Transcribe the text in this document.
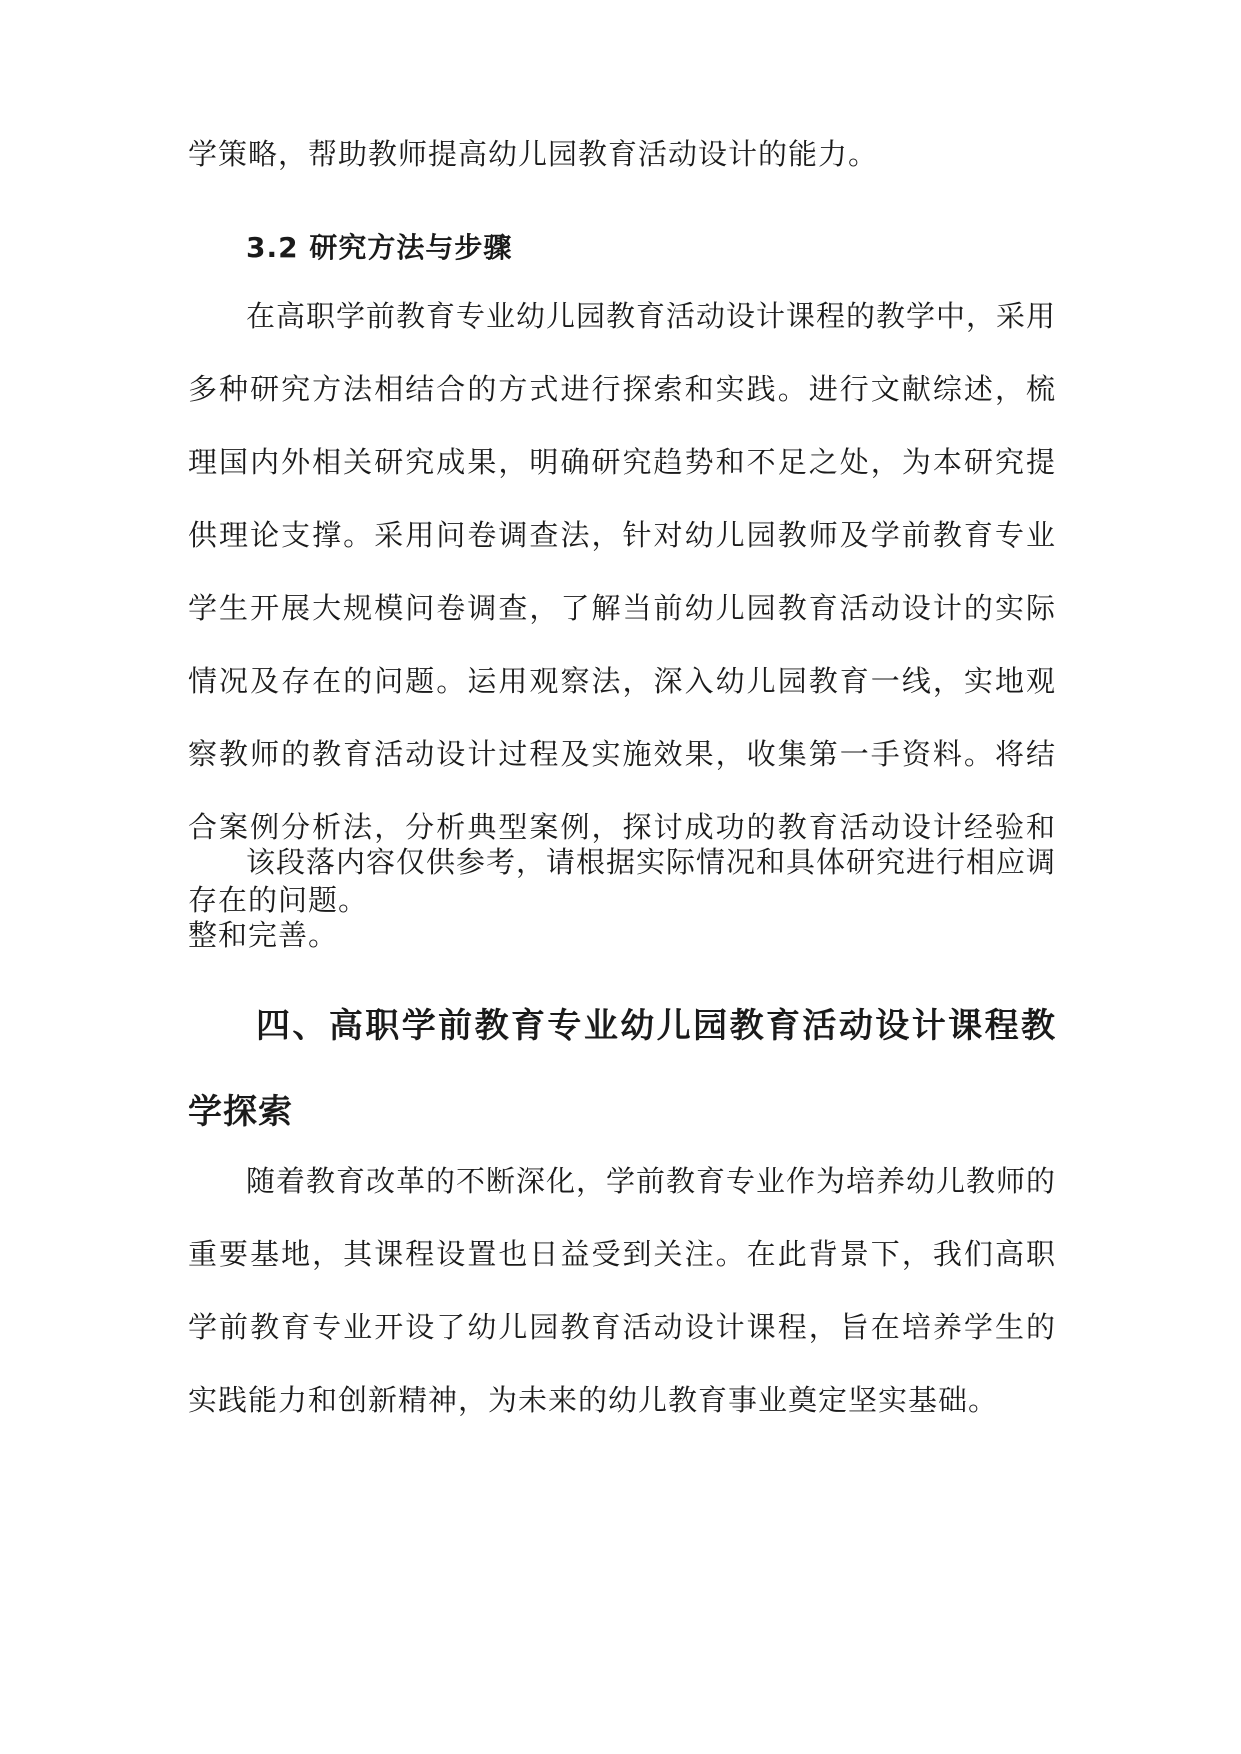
学策略，帮助教师提高幼儿园教育活动设计的能力。

3.2 研究方法与步骤

在高职学前教育专业幼儿园教育活动设计课程的教学中，采用多种研究方法相结合的方式进行探索和实践。进行文献综述，梳理国内外相关研究成果，明确研究趋势和不足之处，为本研究提供理论支撑。采用问卷调查法，针对幼儿园教师及学前教育专业学生开展大规模问卷调查，了解当前幼儿园教育活动设计的实际情况及存在的问题。运用观察法，深入幼儿园教育一线，实地观察教师的教育活动设计过程及实施效果，收集第一手资料。将结合案例分析法，分析典型案例，探讨成功的教育活动设计经验和存在的问题。

该段落内容仅供参考，请根据实际情况和具体研究进行相应调整和完善。

四、高职学前教育专业幼儿园教育活动设计课程教学探索

随着教育改革的不断深化，学前教育专业作为培养幼儿教师的重要基地，其课程设置也日益受到关注。在此背景下，我们高职学前教育专业开设了幼儿园教育活动设计课程，旨在培养学生的实践能力和创新精神，为未来的幼儿教育事业奠定坚实基础。
